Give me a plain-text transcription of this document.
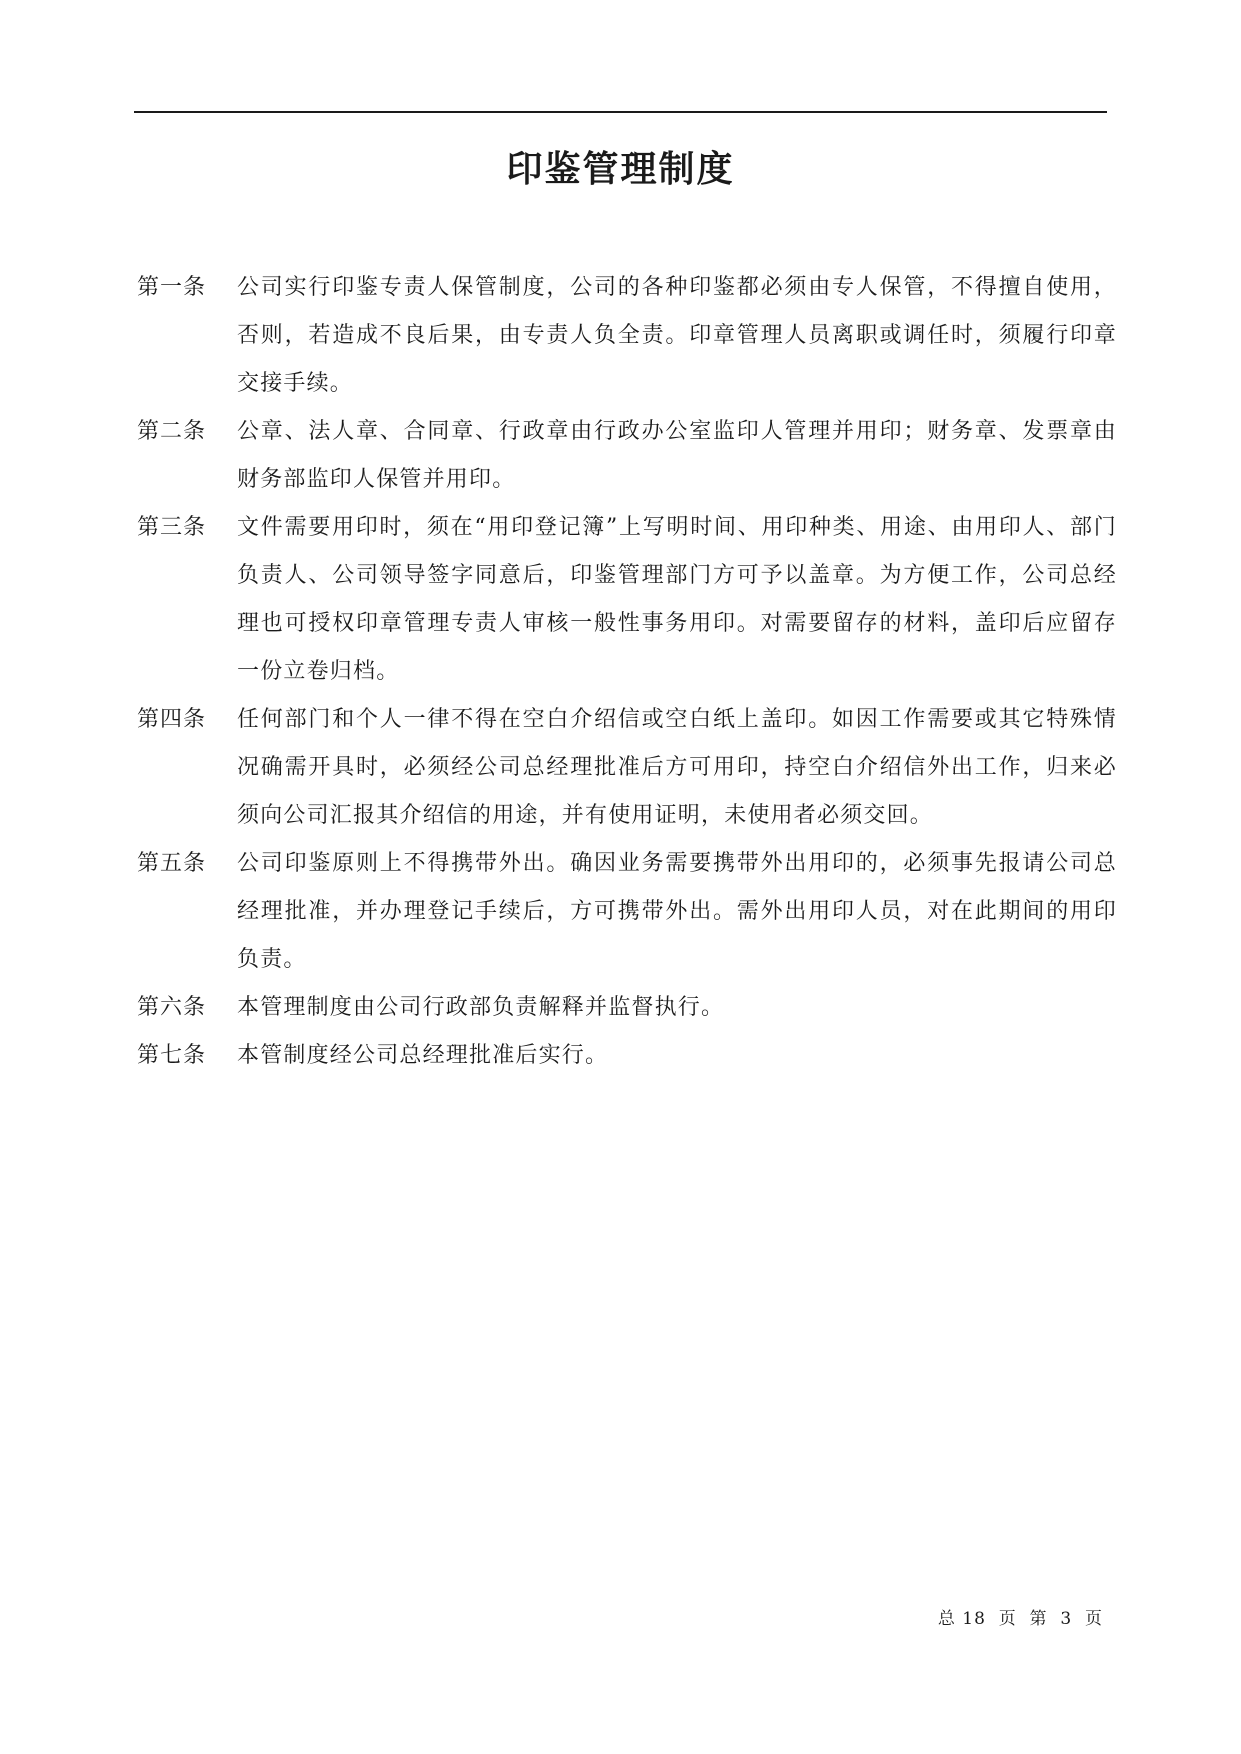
印鉴管理制度
第一条	公司实行印鉴专责人保管制度，公司的各种印鉴都必须由专人保管，不得擅自使用，否则，若造成不良后果，由专责人负全责。印章管理人员离职或调任时，须履行印章交接手续。
第二条	公章、法人章、合同章、行政章由行政办公室监印人管理并用印；财务章、发票章由财务部监印人保管并用印。
第三条	文件需要用印时，须在“用印登记簿”上写明时间、用印种类、用途、由用印人、部门负责人、公司领导签字同意后，印鉴管理部门方可予以盖章。为方便工作，公司总经理也可授权印章管理专责人审核一般性事务用印。对需要留存的材料，盖印后应留存一份立卷归档。
第四条	任何部门和个人一律不得在空白介绍信或空白纸上盖印。如因工作需要或其它特殊情况确需开具时，必须经公司总经理批准后方可用印，持空白介绍信外出工作，归来必须向公司汇报其介绍信的用途，并有使用证明，未使用者必须交回。
第五条	公司印鉴原则上不得携带外出。确因业务需要携带外出用印的，必须事先报请公司总经理批准，并办理登记手续后，方可携带外出。需外出用印人员，对在此期间的用印负责。
第六条	本管理制度由公司行政部负责解释并监督执行。
第七条	本管制度经公司总经理批准后实行。
总 18  页  第  3  页
